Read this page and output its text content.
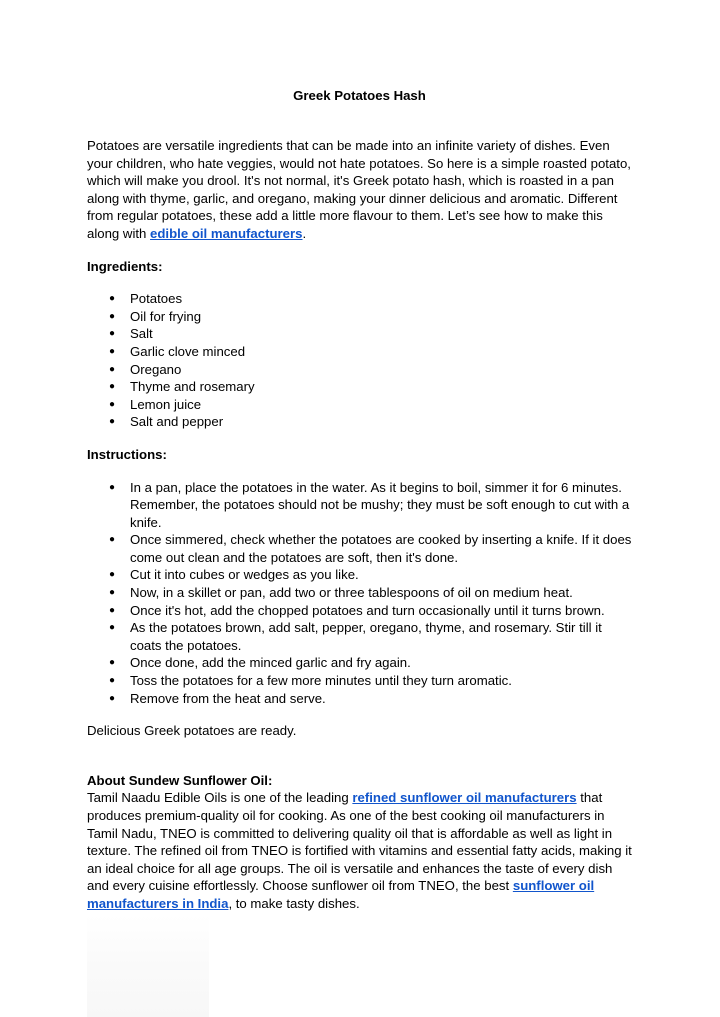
Greek Potatoes Hash

Potatoes are versatile ingredients that can be made into an infinite variety of dishes. Even your children, who hate veggies, would not hate potatoes. So here is a simple roasted potato, which will make you drool. It's not normal, it's Greek potato hash, which is roasted in a pan along with thyme, garlic, and oregano, making your dinner delicious and aromatic. Different from regular potatoes, these add a little more flavour to them. Let’s see how to make this along with edible oil manufacturers.

Ingredients:

● Potatoes
● Oil for frying
● Salt
● Garlic clove minced
● Oregano
● Thyme and rosemary
● Lemon juice
● Salt and pepper

Instructions:

● In a pan, place the potatoes in the water. As it begins to boil, simmer it for 6 minutes. Remember, the potatoes should not be mushy; they must be soft enough to cut with a knife.
● Once simmered, check whether the potatoes are cooked by inserting a knife. If it does come out clean and the potatoes are soft, then it's done.
● Cut it into cubes or wedges as you like.
● Now, in a skillet or pan, add two or three tablespoons of oil on medium heat.
● Once it's hot, add the chopped potatoes and turn occasionally until it turns brown.
● As the potatoes brown, add salt, pepper, oregano, thyme, and rosemary. Stir till it coats the potatoes.
● Once done, add the minced garlic and fry again.
● Toss the potatoes for a few more minutes until they turn aromatic.
● Remove from the heat and serve.

Delicious Greek potatoes are ready.

About Sundew Sunflower Oil:

Tamil Naadu Edible Oils is one of the leading refined sunflower oil manufacturers that produces premium-quality oil for cooking. As one of the best cooking oil manufacturers in Tamil Nadu, TNEO is committed to delivering quality oil that is affordable as well as light in texture. The refined oil from TNEO is fortified with vitamins and essential fatty acids, making it an ideal choice for all age groups. The oil is versatile and enhances the taste of every dish and every cuisine effortlessly. Choose sunflower oil from TNEO, the best sunflower oil manufacturers in India, to make tasty dishes.
